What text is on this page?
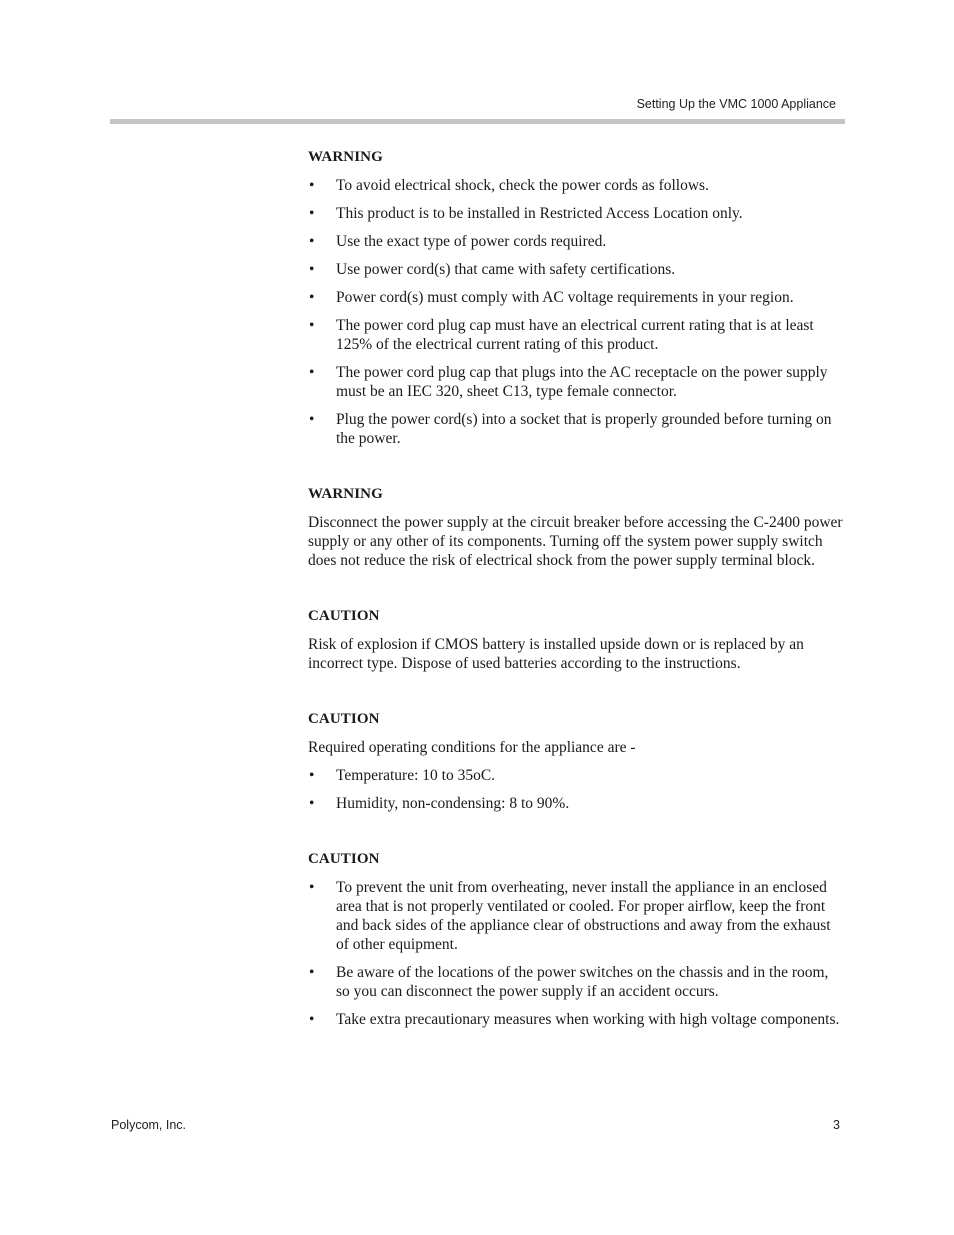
Setting Up the VMC 1000 Appliance
WARNING
• To avoid electrical shock, check the power cords as follows.
• This product is to be installed in Restricted Access Location only.
• Use the exact type of power cords required.
• Use power cord(s) that came with safety certifications.
• Power cord(s) must comply with AC voltage requirements in your region.
• The power cord plug cap must have an electrical current rating that is at least 125% of the electrical current rating of this product.
• The power cord plug cap that plugs into the AC receptacle on the power supply must be an IEC 320, sheet C13, type female connector.
• Plug the power cord(s) into a socket that is properly grounded before turning on the power.
WARNING

Disconnect the power supply at the circuit breaker before accessing the C-2400 power supply or any other of its components. Turning off the system power supply switch does not reduce the risk of electrical shock from the power supply terminal block.

CAUTION

Risk of explosion if CMOS battery is installed upside down or is replaced by an incorrect type. Dispose of used batteries according to the instructions.

CAUTION

Required operating conditions for the appliance are -

• Temperature: 10 to 35oC.
• Humidity, non-condensing: 8 to 90%.
CAUTION
• To prevent the unit from overheating, never install the appliance in an enclosed area that is not properly ventilated or cooled. For proper airflow, keep the front and back sides of the appliance clear of obstructions and away from the exhaust of other equipment.
• Be aware of the locations of the power switches on the chassis and in the room, so you can disconnect the power supply if an accident occurs.
• Take extra precautionary measures when working with high voltage components.
Polycom, Inc.	3
